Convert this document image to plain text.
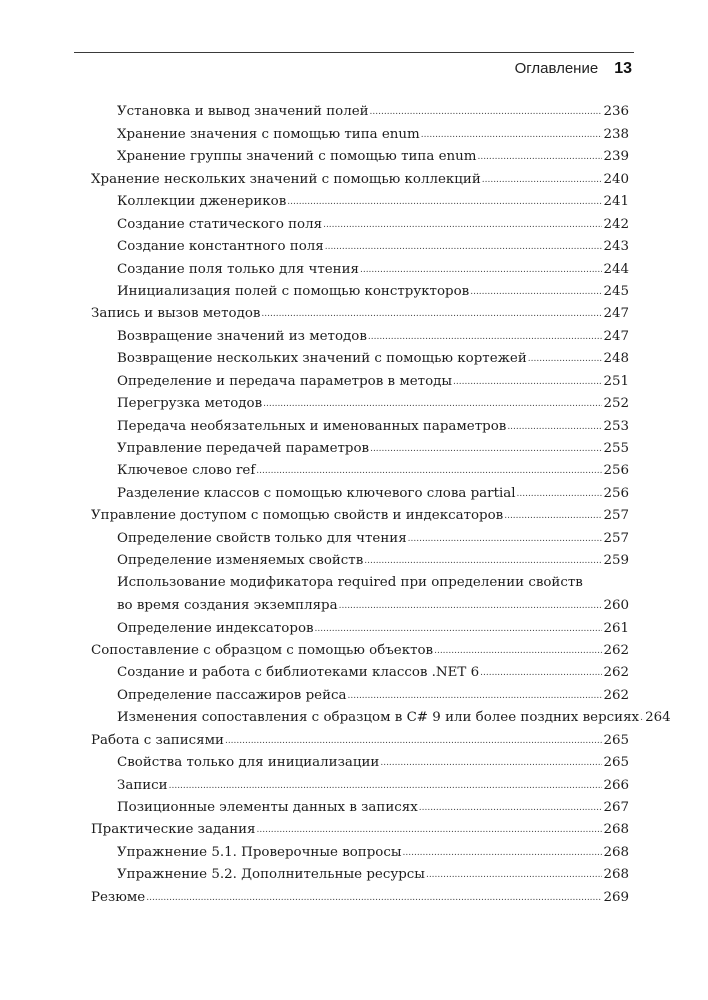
Оглавление 13
Установка и вывод значений полей .....	236
Хранение значения с помощью типа enum .....	238
Хранение группы значений с помощью типа enum .....	239
Хранение нескольких значений с помощью коллекций .....	240
Коллекции дженериков .....	241
Создание статического поля .....	242
Создание константного поля .....	243
Создание поля только для чтения .....	244
Инициализация полей с помощью конструкторов .....	245
Запись и вызов методов .....	247
Возвращение значений из методов .....	247
Возвращение нескольких значений с помощью кортежей .....	248
Определение и передача параметров в методы .....	251
Перегрузка методов .....	252
Передача необязательных и именованных параметров .....	253
Управление передачей параметров .....	255
Ключевое слово ref .....	256
Разделение классов с помощью ключевого слова partial .....	256
Управление доступом с помощью свойств и индексаторов .....	257
Определение свойств только для чтения .....	257
Определение изменяемых свойств .....	259
Использование модификатора required при определении свойств
во время создания экземпляра .....	260
Определение индексаторов .....	261
Сопоставление с образцом с помощью объектов .....	262
Создание и работа с библиотеками классов .NET 6 .....	262
Определение пассажиров рейса .....	262
Изменения сопоставления с образцом в C# 9 или более поздних версиях ..... 264
Работа с записями .....	265
Свойства только для инициализации .....	265
Записи .....	266
Позиционные элементы данных в записях .....	267
Практические задания .....	268
Упражнение 5.1. Проверочные вопросы .....	268
Упражнение 5.2. Дополнительные ресурсы .....	268
Резюме .....	269
